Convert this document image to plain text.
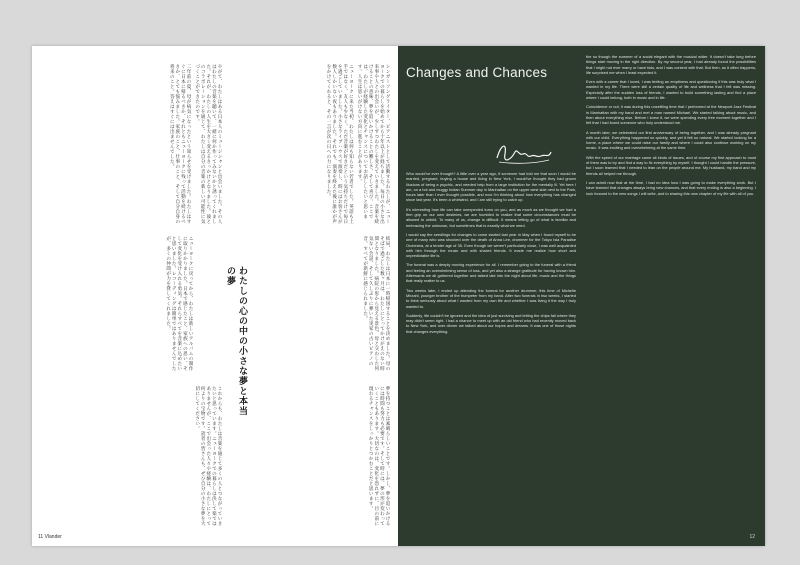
わたしの心の中の小さな夢と本当の夢

シンガーソングライター、ピアニストとして活動するわたしが、ニューヨークでの暮らしを始めてから十年以上が経ちました。毎日の小さな出来事や人との出会いが、少しずつわたしを変えていきました。音楽を続けることの意味、夢を追いかけることの難しさ、そして喜び。ここでは、わたしが経験した変化とチャンスについてお話ししたいと思います。人生は思いがけない方向に進むことがあります。

ニューヨークに来た当初、わたしは何も知らない若者でした。英語も上手ではなく、友人も少なく、ただ音楽が好きだという気持ちだけで毎日を過ごしていました。小さなライブハウスで演奏し、時にはお客さんが数人しかいない夜もありました。それでも、演奏を終えた後に誰かが声をかけてくれると、その一言が次の日への力になりました。

やがて、わたしはある日本人のミュージシャンと出会いました。その人はわたしの音楽を聴いて、一緒に何か作ってみないかと誘ってくれました。それが、わたしの人生を大きく変えるきっかけとなりました。彼とのコラボレーションを通じて、わたしは自分の音楽の新しい可能性に気づくことができたのです。

二年前の夏、母が病気になったという知らせを受けました。わたしはすぐに日本に帰るべきか、それともニューヨークに残って活動を続けるべきか、とても悩みました。家族のこと、仕事のこと、そして自分自身の将来のこと。答えはすぐには出ませんでした。

結局、わたしは日本に一時帰国することを決めました。母のそばで過ごした数ヶ月は、わたしにとってかけがえのない時間となりました。病院の窓から見える景色、母と交わした何気ない会話、そして久しぶりに弾いた実家の古いピアノの音。すべてが新鮮に感じられました。

ニューヨークに戻ってから、わたしは新しいアルバムの制作に取りかかりました。日本で感じたこと、家族への思い、そして変化を受け入れる勇気。それらすべてを音楽に込めたいと思いました。レコーディングは簡単ではありませんでしたが、多くの仲間が力を貸してくれました。

夢を持つことは素晴らしいことです。しかし、夢を追いかけるには時間も努力も必要です。そして時には、夢の形が変わっていくこともあります。大切なのは、変化を恐れずに、目の前に現れるチャンスをしっかりとつかむことだと思います。

これからも、わたしは音楽を通じて多くの人とつながっていきたいと思っています。ニューヨークでの暮らしは決して楽ではありませんが、ここで出会った人々や経験は、わたしにとって何よりの宝物です。読者の皆さんも、ぜひ自分の小さな夢を大切にしてください。

11 Vlander
Changes and Chances

Who would've ever thought? A little over a year ago, if someone had told me that soon I would be married, pregnant, buying a house and living in New York, I would've thought they had grown illusions of being a psychic, and needed help from a large institution for the mentally ill. Yet here I am, on a hot and muggy Indian Summer day in Manhattan on the upper west side next to the Park, hours later than I ever thought possible, and now I'm thinking about how everything has changed since last year. It's been a whirlwind, and I am still trying to catch up.

It's interesting how life can take unexpected turns on you, and as much as we thought we had a firm grip on our own destinies, we are humbled to realize that some circumstances must be allowed to unfold. To many of us, change is difficult. It means letting go of what is familiar and embracing the unknown, but sometimes that is exactly what we need.

I would say the seedlings for changes to come started last year in May when I found myself to be one of many who was shocked over the death of Anna Lee, drummer for the Tokyo Isla Paradise Orchestra, at a tender age of 35. Even though we weren't particularly close, I was well acquainted with him through the music and with shared friends. It made me realize how short and unpredictable life is.

The funeral was a deeply moving experience for all. I remember going to the funeral with a friend and feeling an overwhelming sense of loss, and yet also a strange gratitude for having known him. Afterwards we all gathered together and talked late into the night about life, music and the things that really matter to us.

Two weeks later, I ended up attending the funeral for another drummer, this time of Michelle Mirzahi, younger brother of the trumpeter from my band. After two funerals in two weeks, I started to think seriously about what I wanted from my own life and whether I was living it the way I truly wanted to.

Suddenly, life couldn't be ignored and the idea of just surviving and letting the chips fall where they may didn't seem right. I had a chance to meet up with an old friend who had recently moved back to New York, and over dinner we talked about our hopes and dreams. It was one of those nights that changes everything.

the so though the summer of a social elegant with the musical wider. It doesn't take long before things start moving in the right direction. By my second year, I had already found the possibilities that I might not ever marry or have kids, and I was content with that. But then, as it often happens, life surprised me when I least expected it.

Even with a career that I loved, I was feeling an emptiness and questioning if this was truly what I wanted in my life. There were still a certain quality of life and wellness that I felt was missing. Especially after the sudden loss of friends, I wanted to build something lasting and find a place where I could belong, both in music and in life.

Coincidence or not, it was during this unsettling time that I performed at the Newport Jazz Festival in Manhattan with my band and met a man named Michael. We started talking about music, and then about everything else. Before I knew it, we were spending every free moment together and I felt that I had found someone who truly understood me.

A month later, we celebrated our first anniversary of being together, and I was already pregnant with our child. Everything happened so quickly, and yet it felt so natural. We started looking for a home, a place where we could raise our family and where I could also continue working on my music. It was exciting and overwhelming at the same time.

With the speed of our marriage came all kinds of issues, and of course my first approach to most of them was to try and find a way to fix everything by myself. I thought I could handle the pressure, but I soon learned that I needed to lean on the people around me. My husband, my band and my friends all helped me through.

I can admit now that at the time, I had no idea how I was going to make everything work. But I have learned that changes always bring new chances, and that every ending is also a beginning. I look forward to the new songs I will write, and to sharing this new chapter of my life with all of you.

12
